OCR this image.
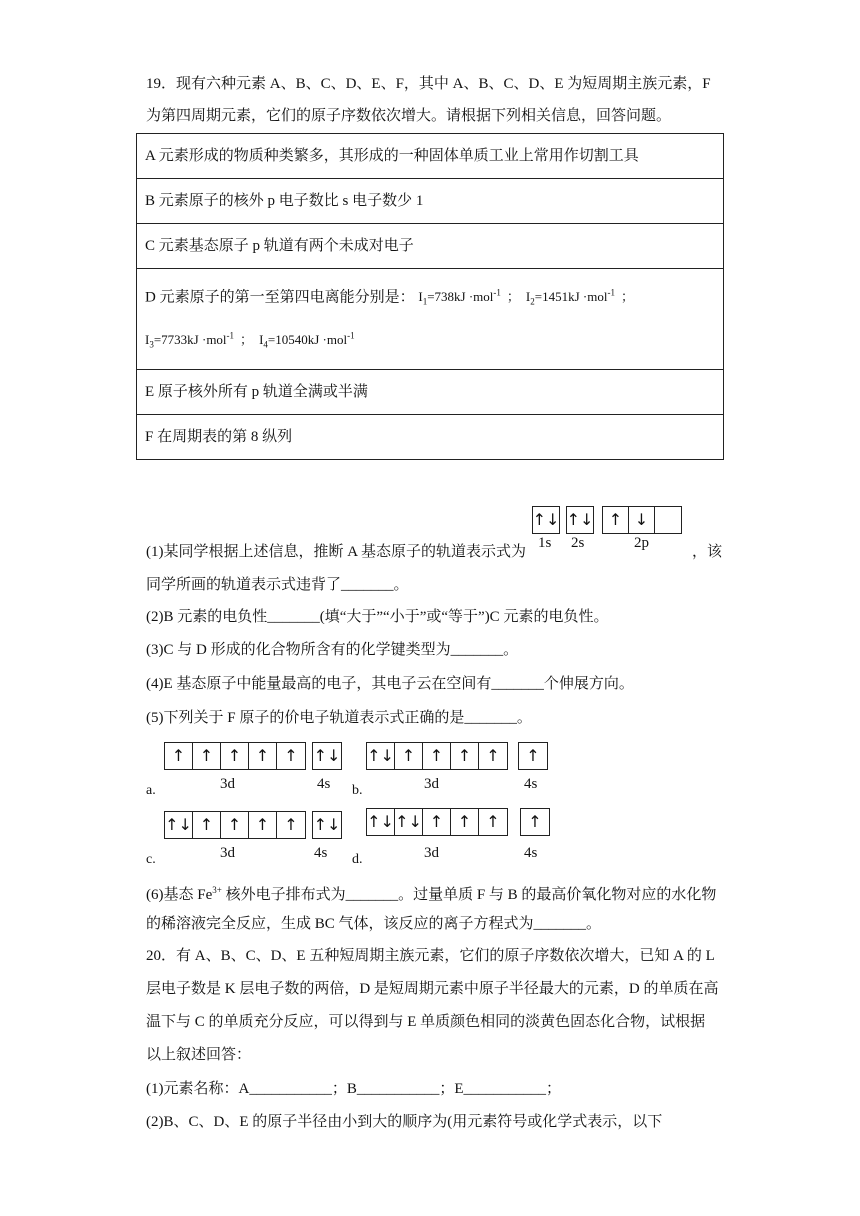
19．现有六种元素 A、B、C、D、E、F，其中 A、B、C、D、E 为短周期主族元素，F
为第四周期元素，它们的原子序数依次增大。请根据下列相关信息，回答问题。
A 元素形成的物质种类繁多，其形成的一种固体单质工业上常用作切割工具
B 元素原子的核外 p 电子数比 s 电子数少 1
C 元素基态原子 p 轨道有两个未成对电子

D 元素原子的第一至第四电离能分别是： $I_1=738kJ \cdot mol^{-1}$ ； $I_2=1451kJ \cdot mol^{-1}$ ；
$I_3=7733kJ \cdot mol^{-1}$ ； $I_4=10540kJ \cdot mol^{-1}$

E 原子核外所有 p 轨道全满或半满
F 在周期表的第 8 纵列
↑↓ ↑↓ ↑ ↓
1s 2s	2p
(1)某同学根据上述信息，推断 A 基态原子的轨道表示式为	，该
同学所画的轨道表示式违背了_______。
(2)B 元素的电负性_______(填“大于”“小于”或“等于”)C 元素的电负性。
(3)C 与 D 形成的化合物所含有的化学键类型为_______。
(4)E 基态原子中能量最高的电子，其电子云在空间有_______个伸展方向。
(5)下列关于 F 原子的价电子轨道表示式正确的是_______。
↑ ↑ ↑ ↑ ↑ ↑↓
3d	4s
a.
↑↓ ↑ ↑ ↑ ↑	↑
3d	4s
b.
↑↓ ↑ ↑ ↑ ↑ ↑↓
3d	4s
c.
↑↓ ↑↓ ↑ ↑ ↑	↑
3d	4s
d.
(6)基态 $Fe^{3+}$ 核外电子排布式为_______。过量单质 F 与 B 的最高价氧化物对应的水化物
的稀溶液完全反应，生成 BC 气体，该反应的离子方程式为_______。
20．有 A、B、C、D、E 五种短周期主族元素，它们的原子序数依次增大，已知 A 的 L
层电子数是 K 层电子数的两倍，D 是短周期元素中原子半径最大的元素，D 的单质在高
温下与 C 的单质充分反应，可以得到与 E 单质颜色相同的淡黄色固态化合物，试根据
以上叙述回答：
(1)元素名称：A___________；B___________；E___________；
(2)B、C、D、E 的原子半径由小到大的顺序为(用元素符号或化学式表示，以下
